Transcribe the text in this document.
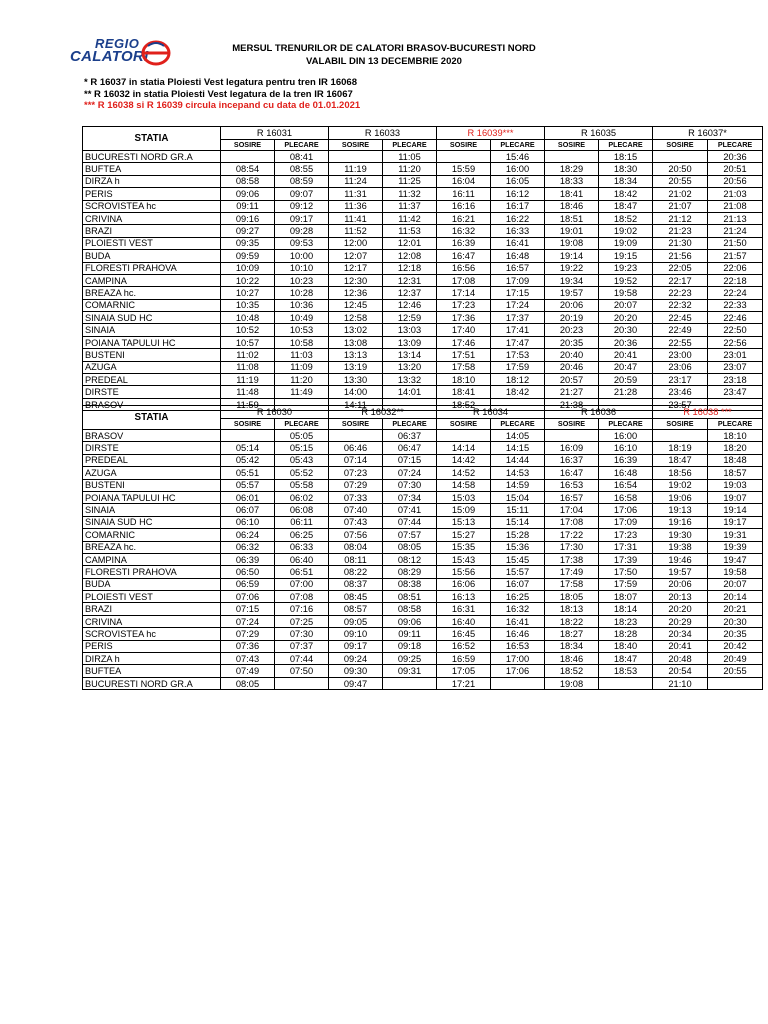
REGIO
CALATORI	MERSUL TRENURILOR DE CALATORI BRASOV-BUCURESTI NORD
VALABIL DIN 13 DECEMBRIE 2020
* R 16037 in statia Ploiesti Vest legatura pentru tren IR 16068
** R 16032 in statia Ploiesti Vest legatura de la tren IR 16067
*** R 16038 si R 16039 circula incepand cu data de 01.01.2021
STATIA	R 16031		R 16033		R 16039***		R 16035		R 16037*	
	SOSIRE	PLECARE	SOSIRE	PLECARE	SOSIRE	PLECARE	SOSIRE	PLECARE	SOSIRE	PLECARE
BUCURESTI NORD GR.A		08:41		11:05		15:46		18:15		20:36
BUFTEA	08:54	08:55	11:19	11:20	15:59	16:00	18:29	18:30	20:50	20:51
DIRZA h	08:58	08:59	11:24	11:25	16:04	16:05	18:33	18:34	20:55	20:56
PERIS	09:06	09:07	11:31	11:32	16:11	16:12	18:41	18:42	21:02	21:03
SCROVISTEA hc	09:11	09:12	11:36	11:37	16:16	16:17	18:46	18:47	21:07	21:08
CRIVINA	09:16	09:17	11:41	11:42	16:21	16:22	18:51	18:52	21:12	21:13
BRAZI	09:27	09:28	11:52	11:53	16:32	16:33	19:01	19:02	21:23	21:24
PLOIESTI VEST	09:35	09:53	12:00	12:01	16:39	16:41	19:08	19:09	21:30	21:50
BUDA	09:59	10:00	12:07	12:08	16:47	16:48	19:14	19:15	21:56	21:57
FLORESTI PRAHOVA	10:09	10:10	12:17	12:18	16:56	16:57	19:22	19:23	22:05	22:06
CAMPINA	10:22	10:23	12:30	12:31	17:08	17:09	19:34	19:52	22:17	22:18
BREAZA hc.	10:27	10:28	12:36	12:37	17:14	17:15	19:57	19:58	22:23	22:24
COMARNIC	10:35	10:36	12:45	12:46	17:23	17:24	20:06	20:07	22:32	22:33
SINAIA SUD HC	10:48	10:49	12:58	12:59	17:36	17:37	20:19	20:20	22:45	22:46
SINAIA	10:52	10:53	13:02	13:03	17:40	17:41	20:23	20:30	22:49	22:50
POIANA TAPULUI HC	10:57	10:58	13:08	13:09	17:46	17:47	20:35	20:36	22:55	22:56
BUSTENI	11:02	11:03	13:13	13:14	17:51	17:53	20:40	20:41	23:00	23:01
AZUGA	11:08	11:09	13:19	13:20	17:58	17:59	20:46	20:47	23:06	23:07
PREDEAL	11:19	11:20	13:30	13:32	18:10	18:12	20:57	20:59	23:17	23:18
DIRSTE	11:48	11:49	14:00	14:01	18:41	18:42	21:27	21:28	23:46	23:47
BRASOV	11:59		14:11		18:52		21:38		23:57	
STATIA	R 16030		R 16032**		R 16034		R 16036		R 16038 ***	
	SOSIRE	PLECARE	SOSIRE	PLECARE	SOSIRE	PLECARE	SOSIRE	PLECARE	SOSIRE	PLECARE
BRASOV		05:05		06:37		14:05		16:00		18:10
DIRSTE	05:14	05:15	06:46	06:47	14:14	14:15	16:09	16:10	18:19	18:20
PREDEAL	05:42	05:43	07:14	07:15	14:42	14:44	16:37	16:39	18:47	18:48
AZUGA	05:51	05:52	07:23	07:24	14:52	14:53	16:47	16:48	18:56	18:57
BUSTENI	05:57	05:58	07:29	07:30	14:58	14:59	16:53	16:54	19:02	19:03
POIANA TAPULUI HC	06:01	06:02	07:33	07:34	15:03	15:04	16:57	16:58	19:06	19:07
SINAIA	06:07	06:08	07:40	07:41	15:09	15:11	17:04	17:06	19:13	19:14
SINAIA SUD HC	06:10	06:11	07:43	07:44	15:13	15:14	17:08	17:09	19:16	19:17
COMARNIC	06:24	06:25	07:56	07:57	15:27	15:28	17:22	17:23	19:30	19:31
BREAZA hc.	06:32	06:33	08:04	08:05	15:35	15:36	17:30	17:31	19:38	19:39
CAMPINA	06:39	06:40	08:11	08:12	15:43	15:45	17:38	17:39	19:46	19:47
FLORESTI PRAHOVA	06:50	06:51	08:22	08:29	15:56	15:57	17:49	17:50	19:57	19:58
BUDA	06:59	07:00	08:37	08:38	16:06	16:07	17:58	17:59	20:06	20:07
PLOIESTI VEST	07:06	07:08	08:45	08:51	16:13	16:25	18:05	18:07	20:13	20:14
BRAZI	07:15	07:16	08:57	08:58	16:31	16:32	18:13	18:14	20:20	20:21
CRIVINA	07:24	07:25	09:05	09:06	16:40	16:41	18:22	18:23	20:29	20:30
SCROVISTEA hc	07:29	07:30	09:10	09:11	16:45	16:46	18:27	18:28	20:34	20:35
PERIS	07:36	07:37	09:17	09:18	16:52	16:53	18:34	18:40	20:41	20:42
DIRZA h	07:43	07:44	09:24	09:25	16:59	17:00	18:46	18:47	20:48	20:49
BUFTEA	07:49	07:50	09:30	09:31	17:05	17:06	18:52	18:53	20:54	20:55
BUCURESTI NORD GR.A	08:05		09:47		17:21		19:08		21:10	
